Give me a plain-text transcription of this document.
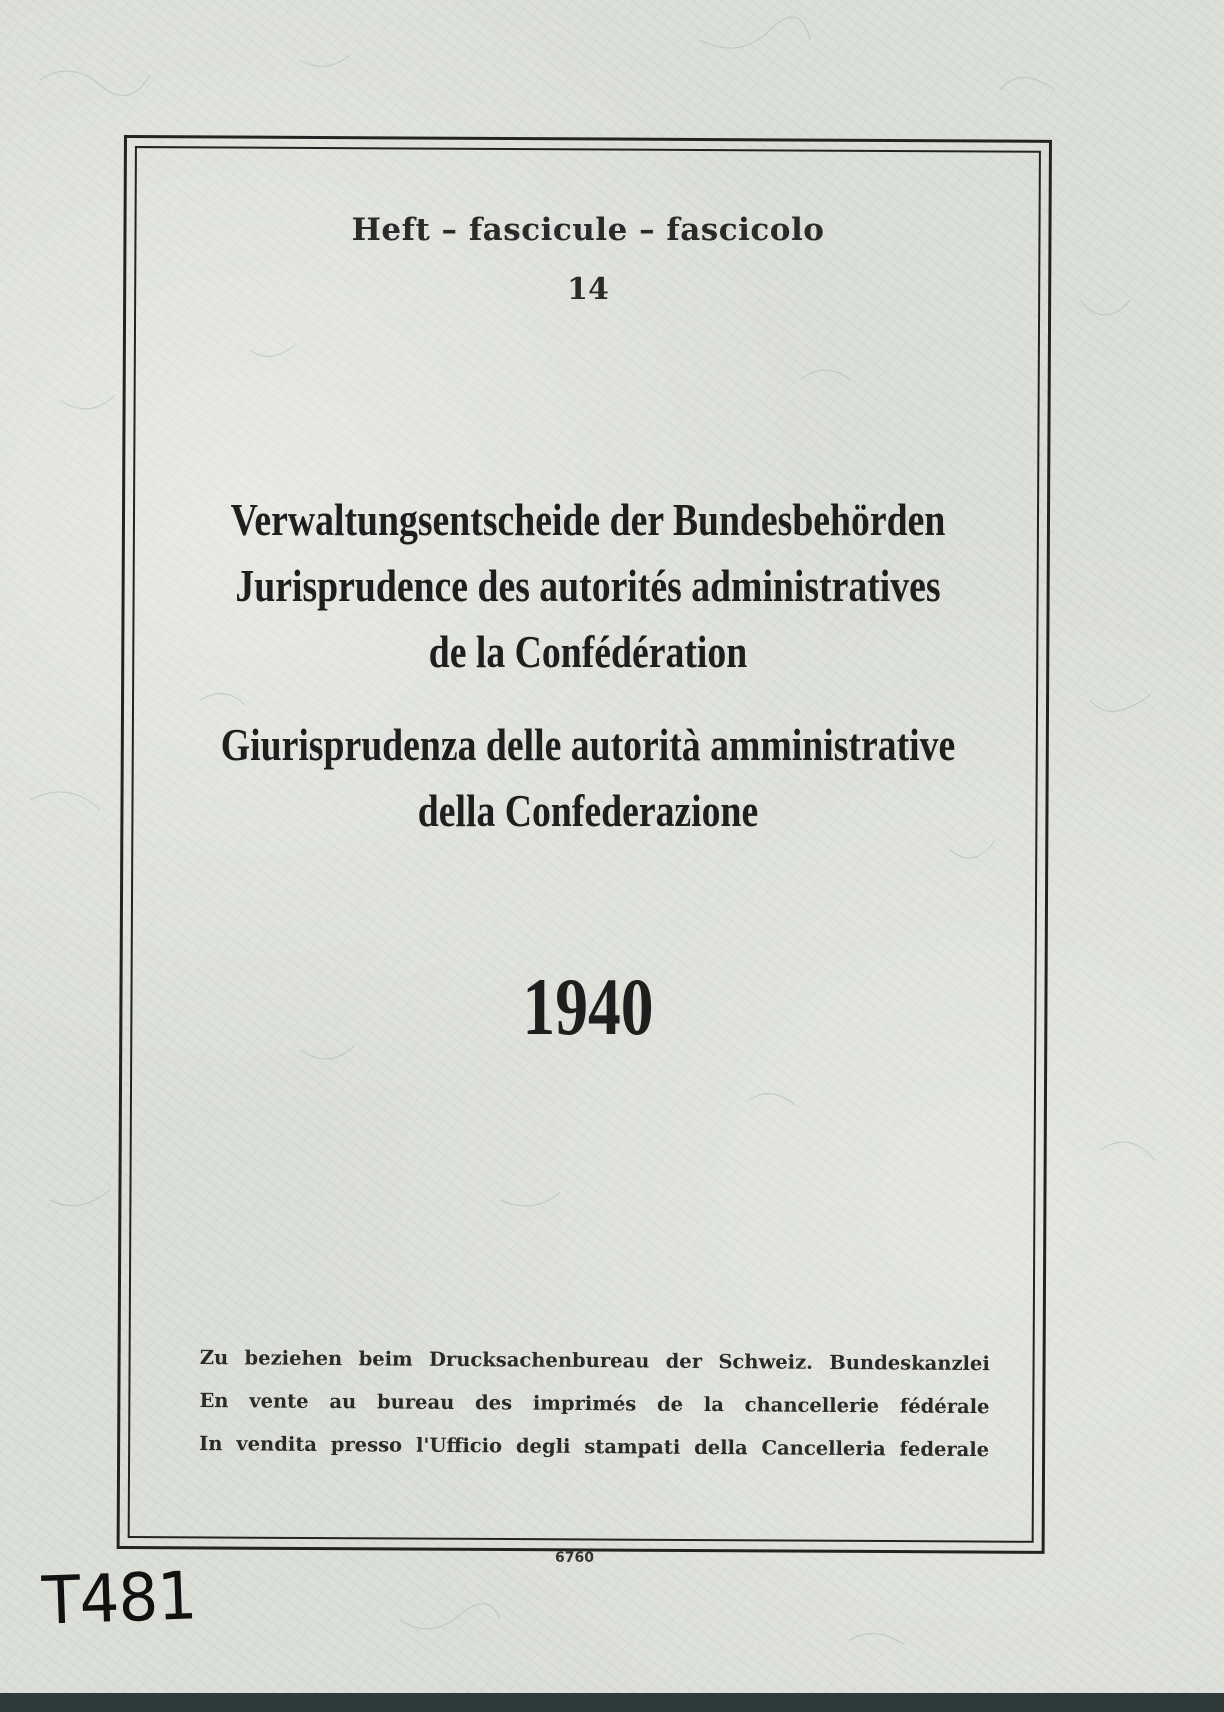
Heft – fascicule – fascicolo
14
Verwaltungsentscheide der Bundesbehörden
Jurisprudence des autorités administratives
de la Confédération
Giurisprudenza delle autorità amministrative
della Confederazione
1940
Zu beziehen beim Drucksachenbureau der Schweiz. Bundeskanzlei
En vente au bureau des imprimés de la chancellerie fédérale
In vendita presso l'Ufficio degli stampati della Cancelleria federale
6760
T481
